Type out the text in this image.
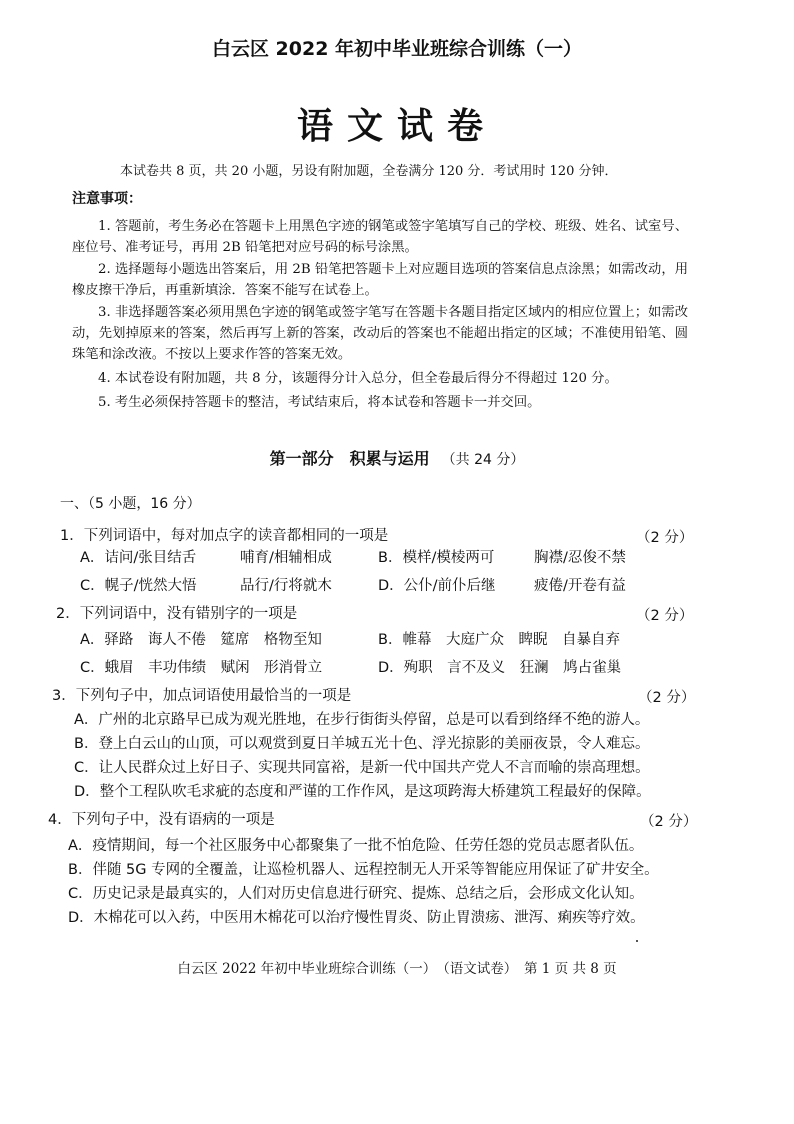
白云区 2022 年初中毕业班综合训练（一）
语文试卷
本试卷共 8 页，共 20 小题，另设有附加题，全卷满分 120 分．考试用时 120 分钟．
注意事项：
1. 答题前，考生务必在答题卡上用黑色字迹的钢笔或签字笔填写自己的学校、班级、姓名、试室号、座位号、准考证号，再用 2B 铅笔把对应号码的标号涂黑。
2. 选择题每小题选出答案后，用 2B 铅笔把答题卡上对应题目选项的答案信息点涂黑；如需改动，用橡皮擦干净后，再重新填涂．答案不能写在试卷上。
3. 非选择题答案必须用黑色字迹的钢笔或签字笔写在答题卡各题目指定区域内的相应位置上；如需改动，先划掉原来的答案，然后再写上新的答案，改动后的答案也不能超出指定的区域；不准使用铅笔、圆珠笔和涂改液。不按以上要求作答的答案无效。
4. 本试卷设有附加题，共 8 分，该题得分计入总分，但全卷最后得分不得超过 120 分。
5. 考生必须保持答题卡的整洁，考试结束后，将本试卷和答题卡一并交回。
第一部分　积累与运用 （共 24 分）
一、（5 小题，16 分）
1．下列词语中，每对加点字的读音都相同的一项是	（2 分）
A．诘问/张目结舌	哺育/相辅相成	B．模样/模棱两可	胸襟/忍俊不禁
C．幌子/恍然大悟	品行/行将就木	D．公仆/前仆后继	疲倦/开卷有益
2．下列词语中，没有错别字的一项是	（2 分）
A．驿路　诲人不倦　筵席　格物至知	B．帷幕　大庭广众　睥睨　自暴自弃
C．蛾眉　丰功伟绩　赋闲　形消骨立	D．殉职　言不及义　狂澜　鸠占雀巢
3．下列句子中，加点词语使用最恰当的一项是	（2 分）
A．广州的北京路早已成为观光胜地，在步行街街头停留，总是可以看到络绎不绝的游人。
B．登上白云山的山顶，可以观赏到夏日羊城五光十色、浮光掠影的美丽夜景，令人难忘。
C．让人民群众过上好日子、实现共同富裕，是新一代中国共产党人不言而喻的崇高理想。
D．整个工程队吹毛求疵的态度和严谨的工作作风，是这项跨海大桥建筑工程最好的保障。
4．下列句子中，没有语病的一项是	（2 分）
A．疫情期间，每一个社区服务中心都聚集了一批不怕危险、任劳任怨的党员志愿者队伍。
B．伴随 5G 专网的全覆盖，让巡检机器人、远程控制无人开采等智能应用保证了矿井安全。
C．历史记录是最真实的，人们对历史信息进行研究、提炼、总结之后，会形成文化认知。
D．木棉花可以入药，中医用木棉花可以治疗慢性胃炎、防止胃溃疡、泄泻、痢疾等疗效。
白云区 2022 年初中毕业班综合训练（一）　（语文试卷）　第 1 页 共 8 页
